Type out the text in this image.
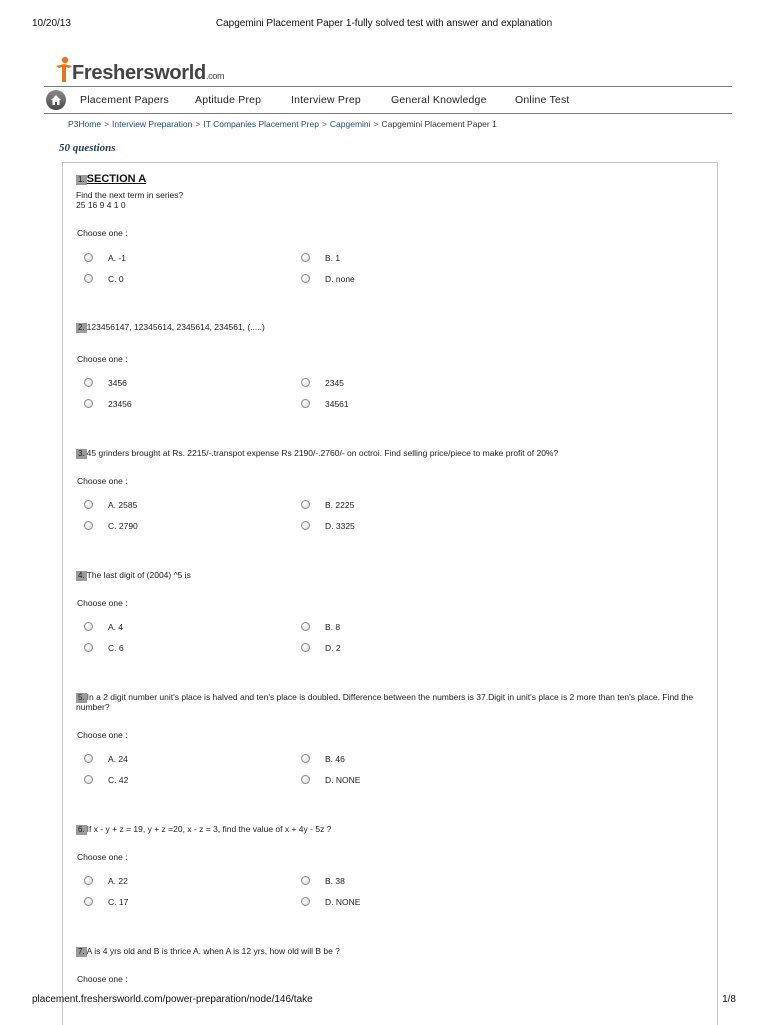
10/20/13	Capgemini Placement Paper 1-fully solved test with answer and explanation
Freshersworld.com
Placement Papers Aptitude Prep	Interview Prep	General Knowledge	Online Test
P3Home > Interview Preparation > IT Companies Placement Prep > Capgemini > Capgemini Placement Paper 1
50 questions
1. SECTION A
Find the next term in series?
25 16 9 4 1 0
Choose one :
A. -1	B. 1
C. 0	D. none
2. 123456147, 12345614, 2345614, 234561, (.....)
Choose one :
3456	2345
23456	34561
3. 45 grinders brought at Rs. 2215/-.transpot expense Rs 2190/-.2760/- on octroi. Find selling price/piece to make profit of 20%?
Choose one :
A. 2585	B. 2225
C. 2790	D. 3325
4. The last digit of (2004) ^5 is
Choose one :
A. 4	B. 8
C. 6	D. 2
5. In a 2 digit number unit's place is halved and ten's place is doubled. Difference between the numbers is 37.Digit in unit's place is 2 more than ten's place. Find the
number?
Choose one :
A. 24	B. 46
C. 42	D. NONE
6. If x - y + z = 19, y + z =20, x - z = 3, find the value of x + 4y - 5z ?
Choose one :
A. 22	B. 38
C. 17	D. NONE
7. A is 4 yrs old and B is thrice A. when A is 12 yrs, how old will B be ?
Choose one :
placement.freshersworld.com/power-preparation/node/146/take	1/8
